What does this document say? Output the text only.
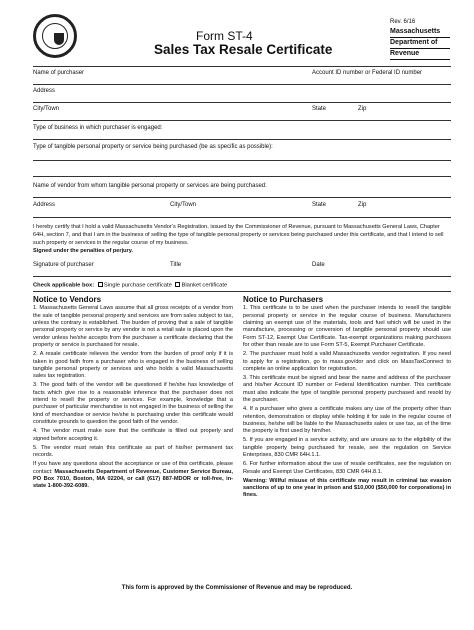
Form ST-4
Sales Tax Resale Certificate
Rev. 6/16
Massachusetts
Department of
Revenue
Name of purchaser	Account ID number or Federal ID number
Address
City/Town	State	Zip
Type of business in which purchaser is engaged:
Type of tangible personal property or service being purchased (be as specific as possible):
Name of vendor from whom tangible personal property or services are being purchased:
Address	City/Town	State	Zip
I hereby certify that I hold a valid Massachusetts Vendor’s Registration, issued by the Commissioner of Revenue, pursuant to Massachusetts General Laws, Chapter 64H, section 7, and that I am in the business of selling the type of tangible personal property or services being purchased under this certificate, and that I intend to sell such property or services in the regular course of my business.
Signed under the penalties of perjury.
Signature of purchaser	Title	Date
Check applicable box: Single purchase certificate Blanket certificate
Notice to Vendors

1. Massachusetts General Laws assume that all gross receipts of a vendor from the sale of tangible personal property and services are from sales subject to tax, unless the contrary is established. The burden of proving that a sale of tangible personal property or service by any vendor is not a retail sale is placed upon the vendor unless he/she accepts from the purchaser a certificate declaring that the property or service is purchased for resale.

2. A resale certificate relieves the vendor from the burden of proof only if it is taken in good faith from a purchaser who is engaged in the business of selling tangible personal property or services and who holds a valid Massachusetts sales tax registration.

3. The good faith of the vendor will be questioned if he/she has knowledge of facts which give rise to a reasonable inference that the purchaser does not intend to resell the property or services. For example, knowledge that a purchaser of particular merchandise is not engaged in the business of selling the kind of merchandise or service he/she is purchasing under this certificate would constitute grounds to question the good faith of the vendor.

4. The vendor must make sure that the certificate is filled out properly and signed before accepting it.

5. The vendor must retain this certificate as part of his/her permanent tax records.

If you have any questions about the acceptance or use of this certificate, please contact: Massachusetts Department of Revenue, Customer Service Bureau, PO Box 7010, Boston, MA 02204, or call (617) 887-MDOR or toll-free, in-state 1-800-392-6089.

Notice to Purchasers

1. This certificate is to be used when the purchaser intends to resell the tangible personal property or service in the regular course of business. Manufacturers claiming an exempt use of the materials, tools and fuel which will be used in the manufacture, processing or conversion of tangible personal property should use Form ST-12, Exempt Use Certificate. Tax-exempt organizations making purchases for other than resale are to use Form ST-5, Exempt Purchaser Certificate.

2. The purchaser must hold a valid Massachusetts vendor registration. If you need to apply for a registration, go to mass.gov/dor and click on MassTaxConnect to complete an online application for registration.

3. This certificate must be signed and bear the name and address of the purchaser and his/her Account ID number or Federal Identification number. This certificate must also indicate the type of tangible personal property purchased and resold by the purchaser.

4. If a purchaser who gives a certificate makes any use of the property other than retention, demonstration or display while holding it for sale in the regular course of business, he/she will be liable to the Massachusetts sales or use tax, as of the time the property is first used by him/her.

5. If you are engaged in a service activity, and are unsure as to the eligibility of the tangible property being purchased for resale, see the regulation on Service Enterprises, 830 CMR 64H.1.1.

6. For further information about the use of resale certificates, see the regulation on Resale and Exempt Use Certificates, 830 CMR 64H.8.1.

Warning: Willful misuse of this certificate may result in criminal tax evasion sanctions of up to one year in prison and $10,000 ($50,000 for corporations) in fines.

This form is approved by the Commissioner of Revenue and may be reproduced.
